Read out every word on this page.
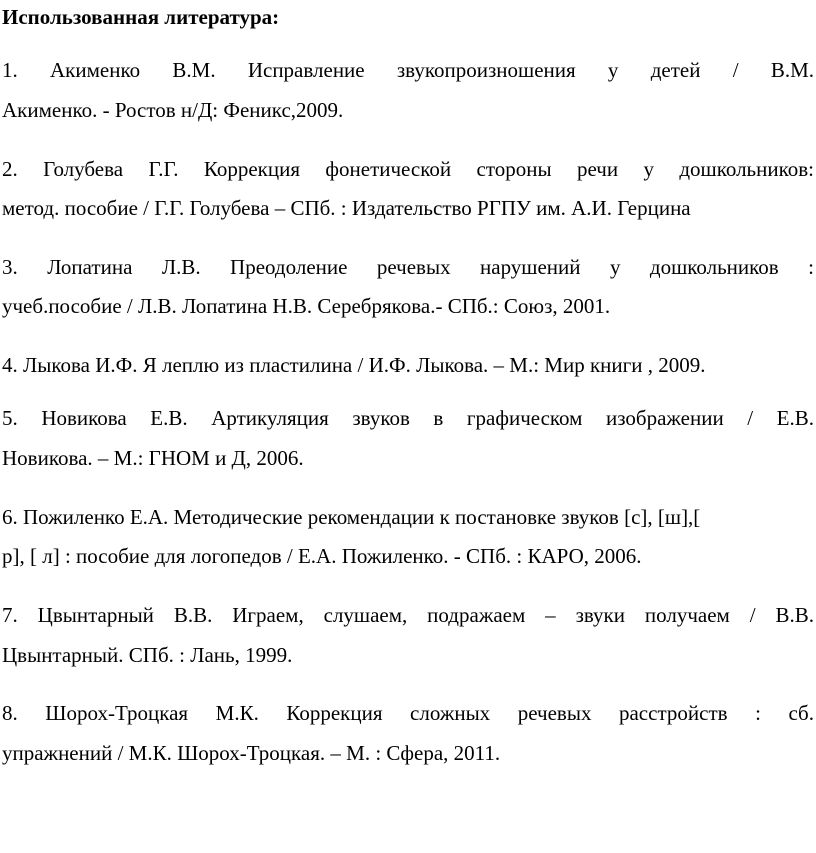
Использованная литература:
1. Акименко В.М. Исправление звукопроизношения у детей / В.М.
Акименко. - Ростов н/Д: Феникс,2009.
2. Голубева Г.Г. Коррекция фонетической стороны речи у дошкольников:
метод. пособие / Г.Г. Голубева – СПб. : Издательство РГПУ им. А.И. Герцина
3. Лопатина Л.В. Преодоление речевых нарушений у дошкольников :
учеб.пособие / Л.В. Лопатина Н.В. Серебрякова.- СПб.: Союз, 2001.
4. Лыкова И.Ф. Я леплю из пластилина / И.Ф. Лыкова. – М.: Мир книги , 2009.
5. Новикова Е.В. Артикуляция звуков в графическом изображении / Е.В.
Новикова. – М.: ГНОМ и Д, 2006.
6. Пожиленко Е.А. Методические рекомендации к постановке звуков [с], [ш],[
р], [ л] : пособие для логопедов / Е.А. Пожиленко. - СПб. : КАРО, 2006.
7. Цвынтарный В.В. Играем, слушаем, подражаем – звуки получаем / В.В.
Цвынтарный. СПб. : Лань, 1999.
8. Шорох-Троцкая М.К. Коррекция сложных речевых расстройств : сб.
упражнений / М.К. Шорох-Троцкая. – М. : Сфера, 2011.
